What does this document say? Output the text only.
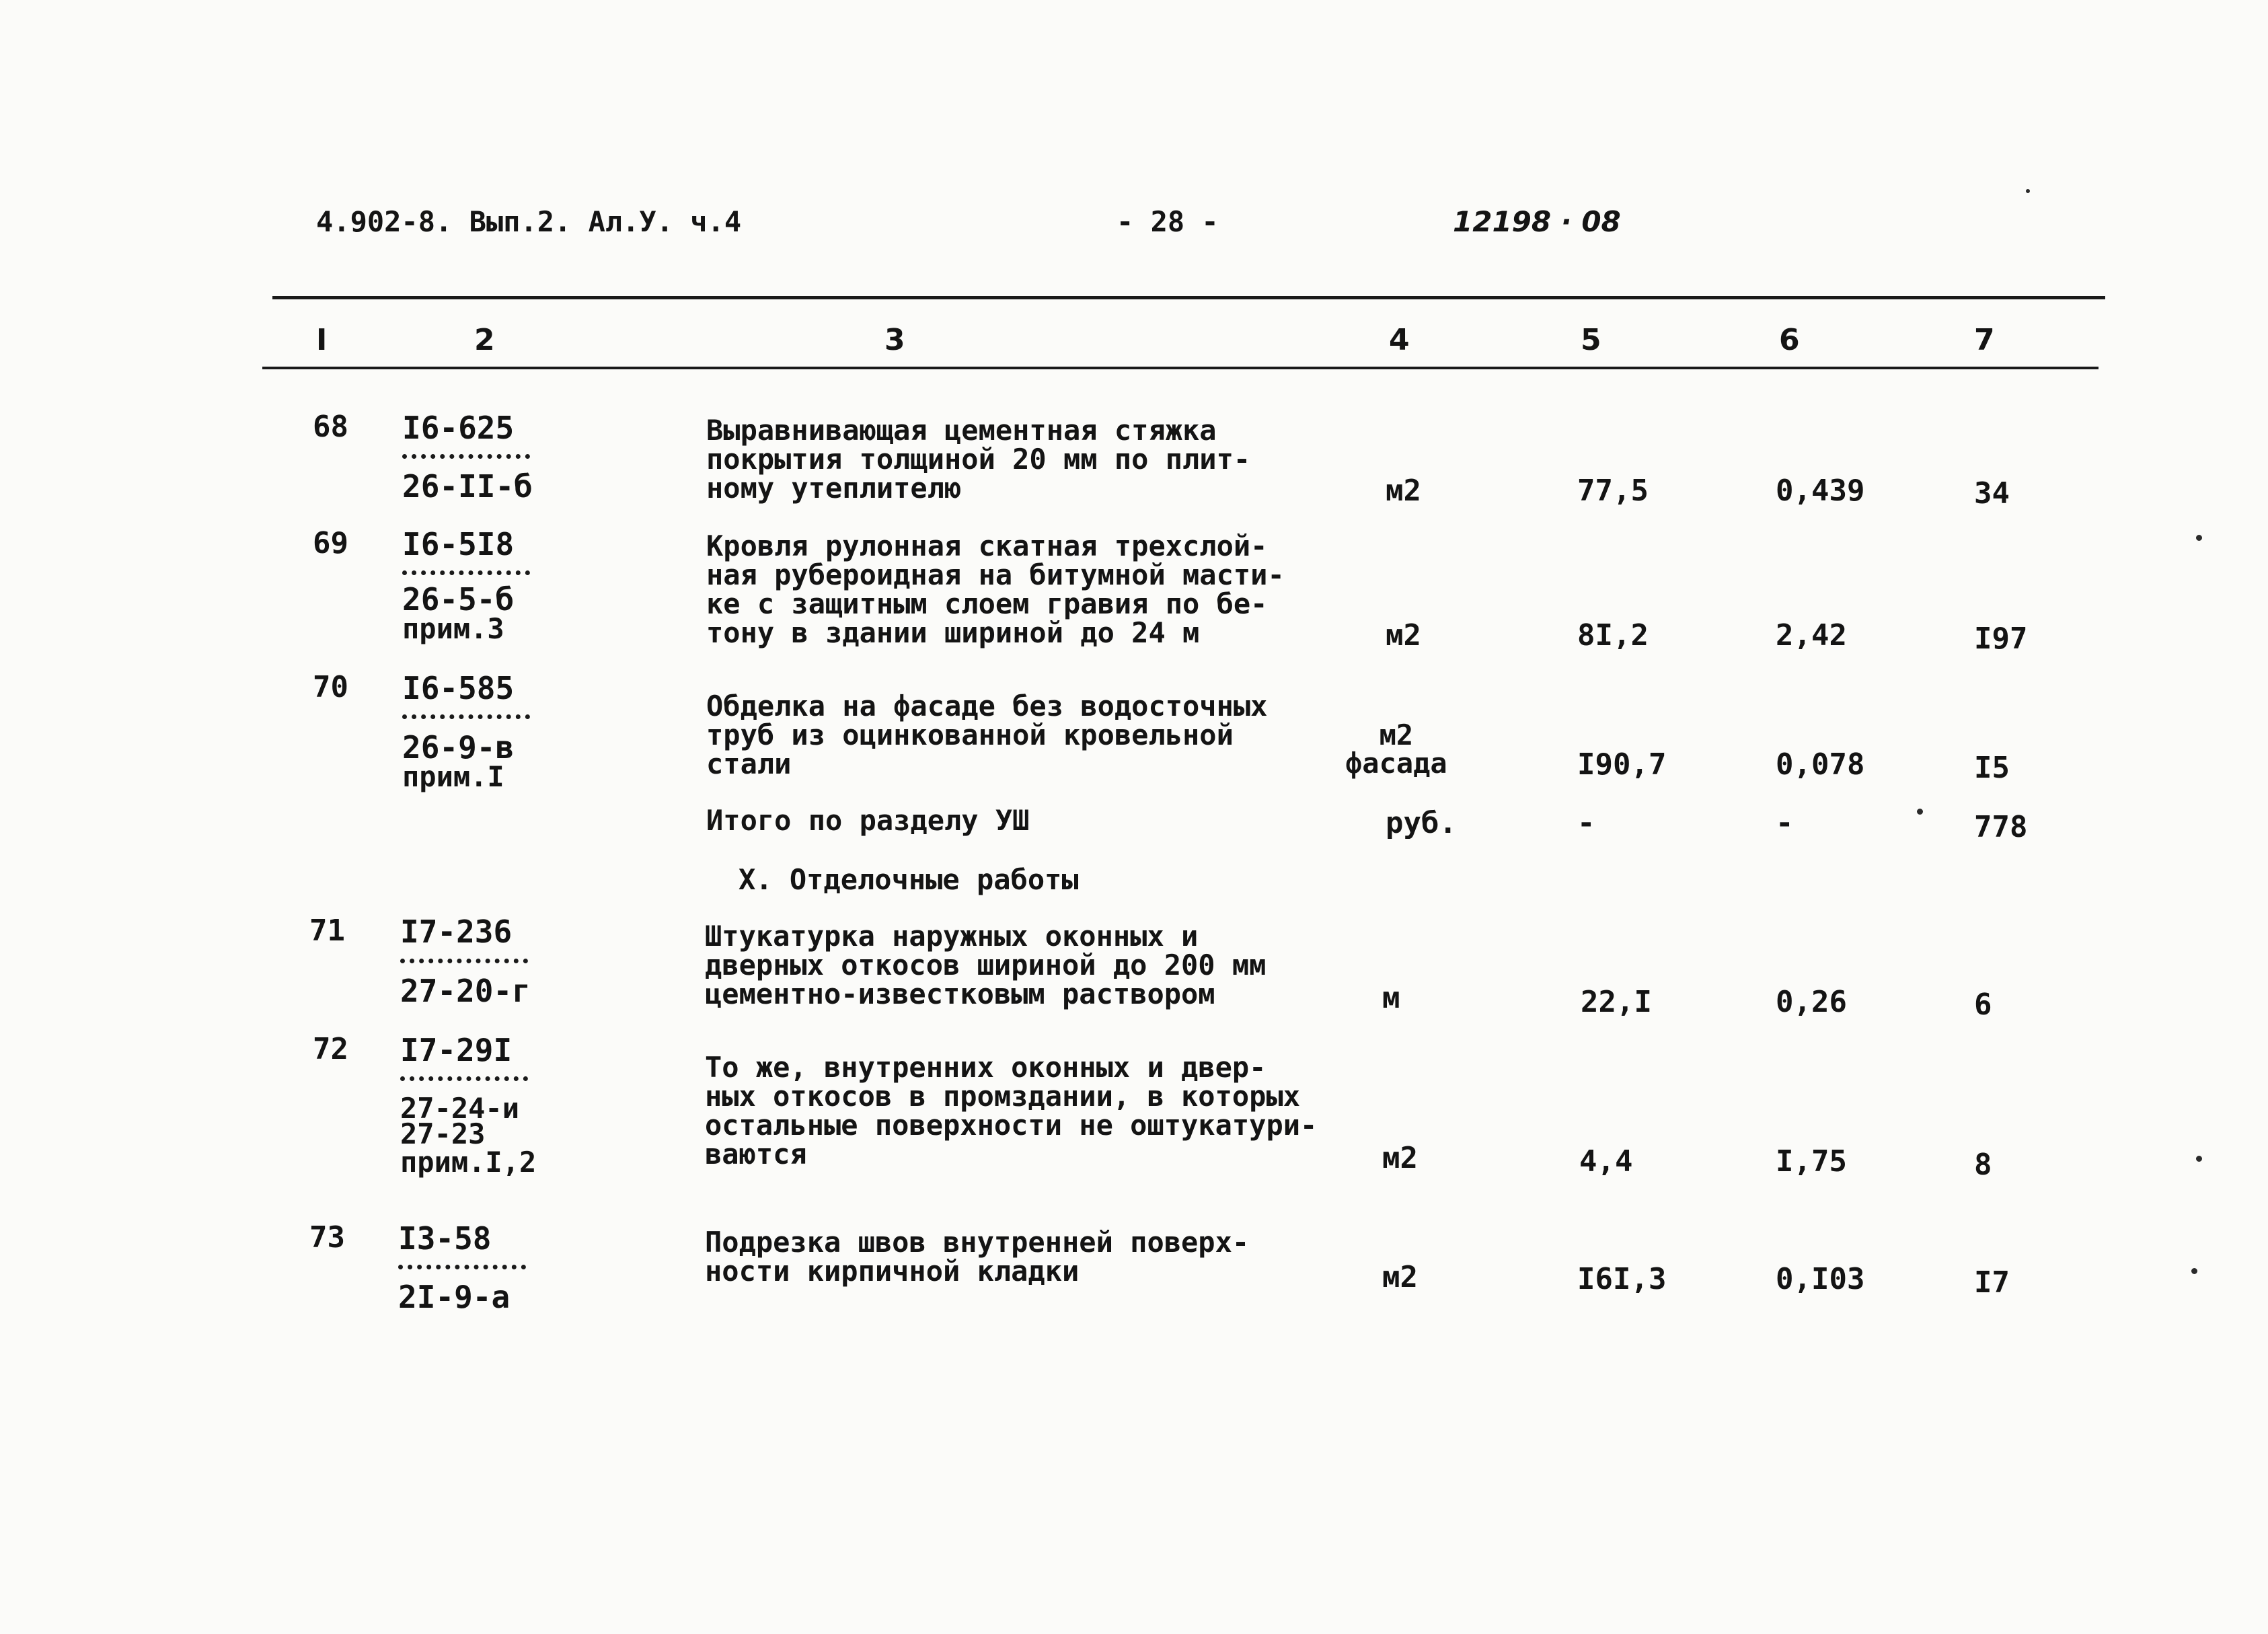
4.902-8. Вып.2. Ал.У. ч.4	- 28 -	12198 · 08
I	2	3	4	5	6	7
68 I6-625
26-II-б
Выравнивающая цементная стяжка
покрытия толщиной 20 мм по плит-
ному утеплителю	м2	77,5	0,439	34
69 I6-5I8
26-5-б
прим.3
Кровля рулонная скатная трехслой-
ная рубероидная на битумной масти-
ке с защитным слоем гравия по бе-
тону в здании шириной до 24 м	м2	8I,2	2,42	I97
70 I6-585
26-9-в
прим.I
Обделка на фасаде без водосточных
труб из оцинкованной кровельной
стали
м2
фасада	I90,7	0,078	I5
Итого по разделу УШ	руб.	-	-	778
Х. Отделочные работы
71 I7-236
27-20-г
Штукатурка наружных оконных и
дверных откосов шириной до 200 мм
цементно-известковым раствором	м	22,I	0,26	6
72 I7-29I
27-24-и
27-23
прим.I,2
То же, внутренних оконных и двер-
ных откосов в промздании, в которых
остальные поверхности не оштукатури-
ваются	м2	4,4	I,75	8
73 I3-58
2I-9-а
Подрезка швов внутренней поверх-
ности кирпичной кладки	м2	I6I,3	0,I03	I7
